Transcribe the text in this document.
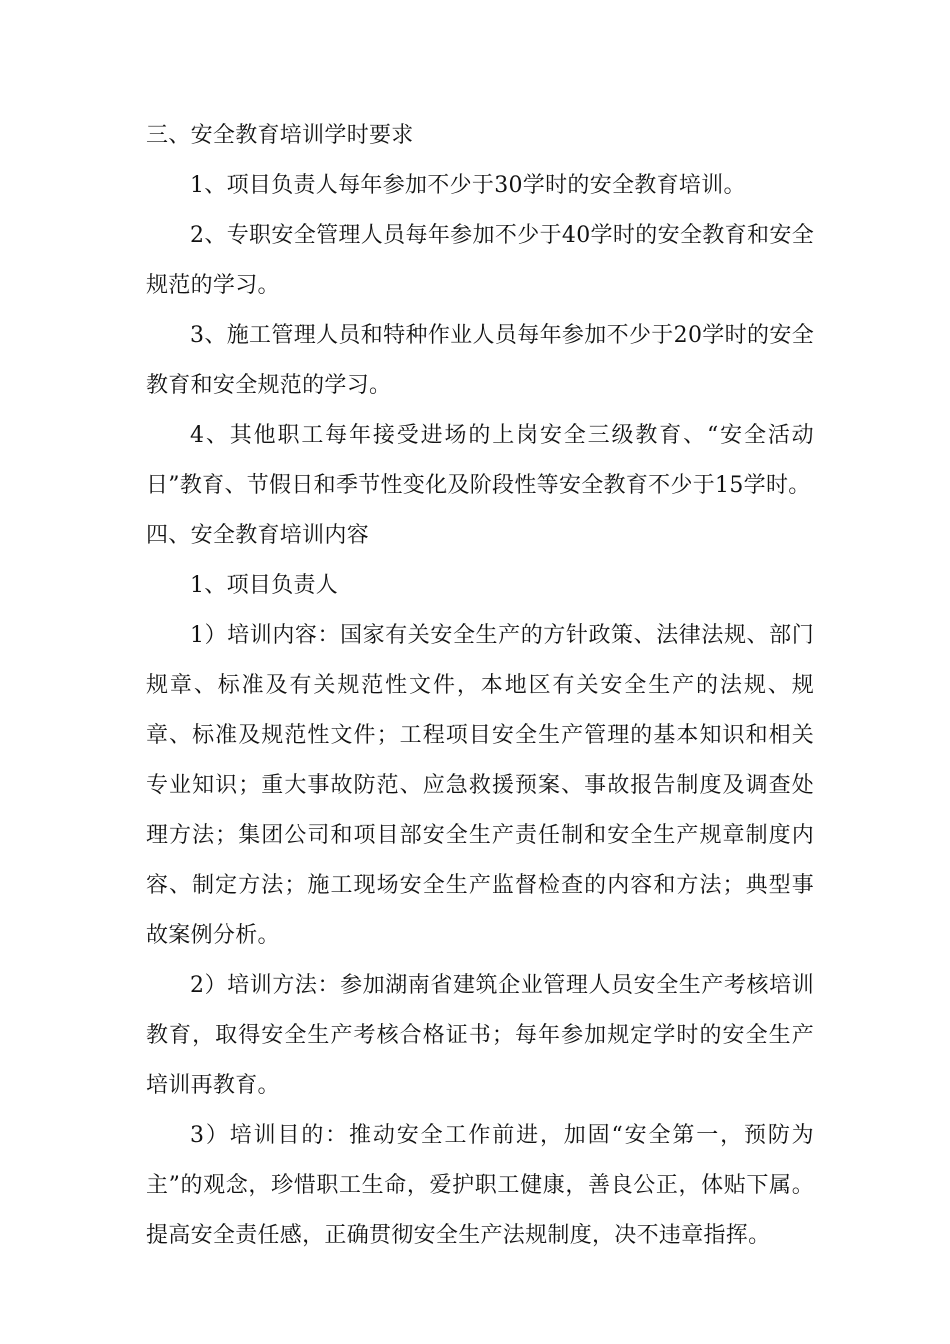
三、安全教育培训学时要求

1、项目负责人每年参加不少于30学时的安全教育培训。

2、专职安全管理人员每年参加不少于40学时的安全教育和安全规范的学习。

3、施工管理人员和特种作业人员每年参加不少于20学时的安全教育和安全规范的学习。

4、其他职工每年接受进场的上岗安全三级教育、“安全活动日”教育、节假日和季节性变化及阶段性等安全教育不少于15学时。

四、安全教育培训内容

1、项目负责人

1）培训内容：国家有关安全生产的方针政策、法律法规、部门规章、标准及有关规范性文件，本地区有关安全生产的法规、规章、标准及规范性文件；工程项目安全生产管理的基本知识和相关专业知识；重大事故防范、应急救援预案、事故报告制度及调查处理方法；集团公司和项目部安全生产责任制和安全生产规章制度内容、制定方法；施工现场安全生产监督检查的内容和方法；典型事故案例分析。

2）培训方法：参加湖南省建筑企业管理人员安全生产考核培训教育，取得安全生产考核合格证书；每年参加规定学时的安全生产培训再教育。

3）培训目的：推动安全工作前进，加固“安全第一，预防为主”的观念，珍惜职工生命，爱护职工健康，善良公正，体贴下属。提高安全责任感，正确贯彻安全生产法规制度，决不违章指挥。
